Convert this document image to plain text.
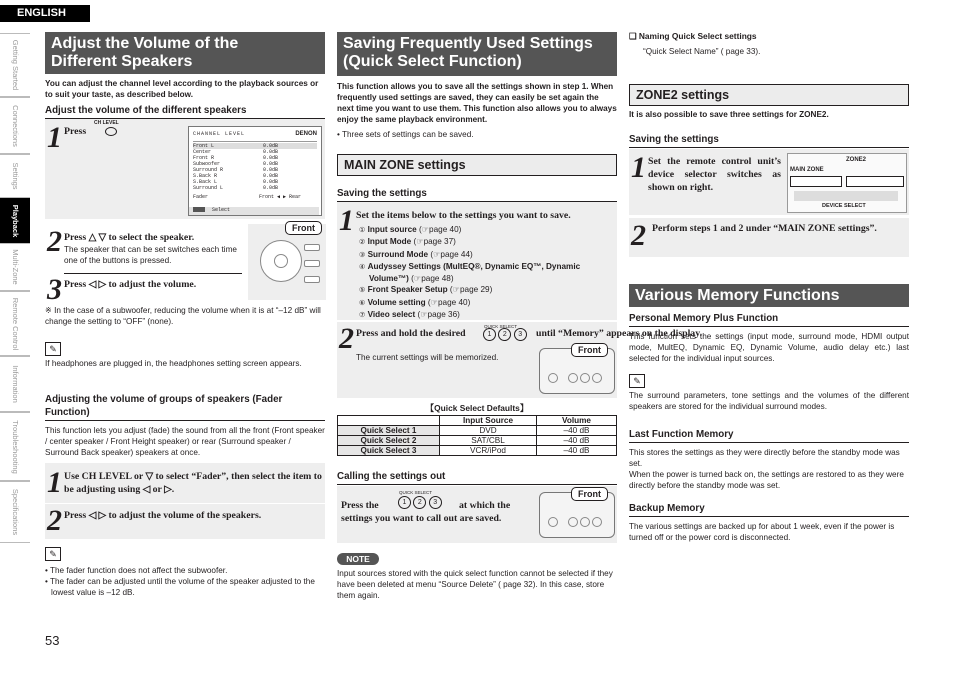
ENGLISH
Getting Started
Connections
Settings
Playback
Multi-Zone
Remote Control
Information
Troubleshooting
Specifications
53
Adjust the Volume of the
Different Speakers
You can adjust the channel level according to the playback sources or to suit your taste, as described below.
Adjust the volume of the different speakers
1 Press
CH LEVEL
CHANNEL LEVEL	DENON
Front L	0.0dB
Center	0.0dB
Front R	0.0dB
Subwoofer	0.0dB
Surround R	0.0dB
S.Back R	0.0dB
S.Back L	0.0dB
Surround L	0.0dB
Fader	Front ◀ ▶ Rear
Select
2 Press △ ▽ to select the speaker.
The speaker that can be set switches each time one of the buttons is pressed.
3 Press ◁ ▷ to adjust the volume.
Front
※ In the case of a subwoofer, reducing the volume when it is at “–12 dB” will change the setting to “OFF” (none).
✎
If headphones are plugged in, the headphones setting screen appears.
Adjusting the volume of groups of speakers (Fader Function)
This function lets you adjust (fade) the sound from all the front (Front speaker / center speaker / Front Height speaker) or rear (Surround speaker / Surround Back speaker) speakers at once.
1 Use CH LEVEL or ▽ to select “Fader”, then select the item to be adjusting using ◁ or ▷.
2 Press ◁ ▷ to adjust the volume of the speakers.
✎
• The fader function does not affect the subwoofer.
• The fader can be adjusted until the volume of the speaker adjusted to the lowest value is –12 dB.
Saving Frequently Used Settings
(Quick Select Function)
This function allows you to save all the settings shown in step 1. When frequently used settings are saved, they can easily be set again the next time you want to use them. This function also allows you to always enjoy the same playback environment.
• Three sets of settings can be saved.
MAIN ZONE settings
Saving the settings
1 Set the items below to the settings you want to save.
① Input source (☞page 40)
② Input Mode (☞page 37)
③ Surround Mode (☞page 44)
④ Audyssey Settings (MultEQ®, Dynamic EQ™, Dynamic Volume™) (☞page 48)
⑤ Front Speaker Setup (☞page 29)
⑥ Volume setting (☞page 40)
⑦ Video select (☞page 36)
2 Press and hold the desired
QUICK SELECT
1 2 3	until “Memory” appears on the display.
The current settings will be memorized.
Front
【Quick Select Defaults】
	Input Source	Volume
Quick Select 1	DVD	–40 dB
Quick Select 2	SAT/CBL	–40 dB
Quick Select 3	VCR/iPod	–40 dB
Calling the settings out
Press the
QUICK SELECT
1 2 3	at which the settings you want to call out are saved.
Front
NOTE
Input sources stored with the quick select function cannot be selected if they have been deleted at menu “Source Delete” ( page 32). In this case, store them again.
❑ Naming Quick Select settings
“Quick Select Name” ( page 33).
ZONE2 settings
It is also possible to save three settings for ZONE2.
Saving the settings
1 Set the remote control unit’s device selector switches as shown on right.
ZONE2
MAIN ZONE
DEVICE SELECT
2 Perform steps 1 and 2 under “MAIN ZONE settings”.
Various Memory Functions
Personal Memory Plus Function
This function sets the settings (input mode, surround mode, HDMI output mode, MultEQ, Dynamic EQ, Dynamic Volume, audio delay etc.) last selected for the individual input sources.
✎
The surround parameters, tone settings and the volumes of the different speakers are stored for the individual surround modes.
Last Function Memory
This stores the settings as they were directly before the standby mode was set.
When the power is turned back on, the settings are restored to as they were directly before the standby mode was set.
Backup Memory
The various settings are backed up for about 1 week, even if the power is turned off or the power cord is disconnected.
